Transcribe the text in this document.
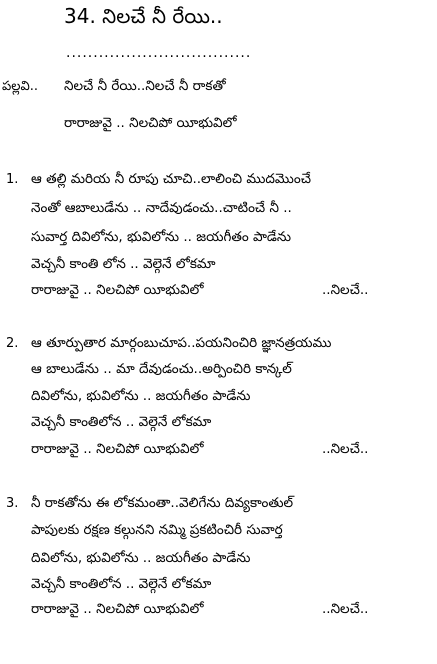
34. నిలచే నీ రేయి..
..................................
పల్లవి.. నిలచే నీ రేయి..నిలచే నీ రాకతో
రారాజువై .. నిలచిపో యీభువిలో
1. ఆ తల్లి మరియ నీ రూపు చూచి..లాలించి ముదమొంచే
నెంతో ఆబాలుడేను .. నాదేవుడంచు..చాటించే నీ ..
సువార్త దివిలోను, భువిలోను .. జయగీతం పాడేను
వెచ్చనీ కాంతి లోన .. వెల్గెనే లోకమా
రారాజువై .. నిలచిపో యీభువిలో	..నిలచే..
2. ఆ తూర్పుతార మార్గంబుచూప..పయనించిరి జ్ఞానత్రయము
ఆ బాలుడేను .. మా దేవుడంచు..అర్పించిరి కాన్కల్
దివిలోను, భువిలోను .. జయగీతం పాడేను
వెచ్చనీ కాంతిలోన .. వెల్గెనే లోకమా
రారాజువై .. నిలచిపో యీభువిలో	..నిలచే..
3. నీ రాకతోను ఈ లోకమంతా..వెలిగేను దివ్యకాంతుల్
పాపులకు రక్షణ కల్గునని నమ్మి ప్రకటించిరీ సువార్త
దివిలోను, భువిలోను .. జయగీతం పాడేను
వెచ్చనీ కాంతిలోన .. వెల్గెనే లోకమా
రారాజువై .. నిలచిపో యీభువిలో	..నిలచే..
